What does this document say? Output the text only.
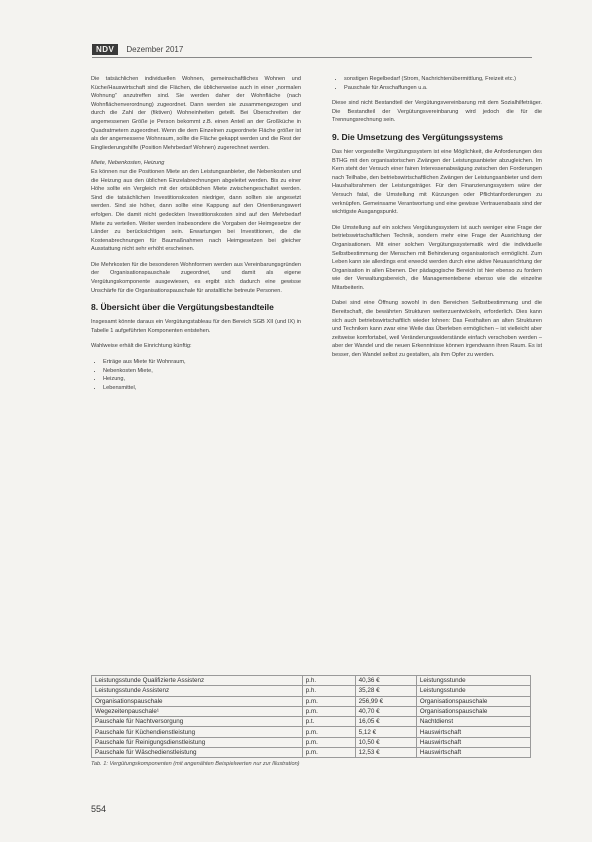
NDV	Dezember 2017

Die tatsächlichen individuellen Wohnen, gemeinschaftliches Wohnen und Küche/Hauswirtschaft sind die Flächen, die üblicherweise auch in einer „normalen Wohnung“ anzutreffen sind. Sie werden daher der Wohnfläche (nach Wohnflächenverordnung) zugeordnet. Dann werden sie zusammengezogen und durch die Zahl der (fiktiven) Wohneinheiten geteilt. Bei Überschreiten der angemessenen Größe je Person bekommt z.B. einen Anteil an der Großküche in Quadratmetern zugeordnet. Wenn die dem Einzelnen zugeordnete Fläche größer ist als der angemessene Wohnraum, sollte die Fläche gekappt werden und die Rest der Eingliederungshilfe (Position Mehrbedarf Wohnen) zugerechnet werden.

Miete, Nebenkosten, Heizung

Es können nur die Positionen Miete an den Leistungsanbieter, die Nebenkosten und die Heizung aus den üblichen Einzelabrechnungen abgeleitet werden. Bis zu einer Höhe sollte ein Vergleich mit der ortsüblichen Miete zwischengeschaltet werden. Sind die tatsächlichen Investitionskosten niedriger, dann sollten sie angesetzt werden. Sind sie höher, dann sollte eine Kappung auf den Orientierungswert erfolgen. Die damit nicht gedeckten Investitionskosten sind auf den Mehrbedarf Miete zu verteilen. Weiter werden insbesondere die Vorgaben der Heimgesetze der Länder zu berücksichtigen sein. Erwartungen bei Investitionen, die die Kostenabrechnungen für Baumaßnahmen nach Heimgesetzen bei gleicher Ausstattung nicht sehr erhöht erscheinen.

Die Mehrkosten für die besonderen Wohnformen werden aus Vereinbarungsgründen der Organisationspauschale zugeordnet, und damit als eigene Vergütungskomponente ausgewiesen, es ergibt sich dadurch eine gewisse Unschärfe für die Organisationspauschale für anstaltliche betreute Personen.

8. Übersicht über die Vergütungsbestandteile

Insgesamt könnte daraus ein Vergütungstableau für den Bereich SGB XII (und IX) in Tabelle 1 aufgeführten Komponenten entstehen.

Wahlweise erhält die Einrichtung künftig:

• Erträge aus Miete für Wohnraum,
• Nebenkosten Miete,
• Heizung,
• Lebensmittel,
• sonstigen Regelbedarf (Strom, Nachrichtenübermittlung, Freizeit etc.)
• Pauschale für Anschaffungen u.a.

Diese sind nicht Bestandteil der Vergütungsvereinbarung mit dem Sozialhilfeträger. Die Bestandteil der Vergütungsvereinbarung wird jedoch die für die Trennungsrechnung sein.

9. Die Umsetzung des Vergütungssystems

Das hier vorgestellte Vergütungssystem ist eine Möglichkeit, die Anforderungen des BTHG mit den organisatorischen Zwängen der Leistungsanbieter abzugleichen. Im Kern steht der Versuch einer fairen Interessenabwägung zwischen den Forderungen nach Teilhabe, den betriebswirtschaftlichen Zwängen der Leistungsanbieter und dem Haushaltsrahmen der Leistungsträger. Für den Finanzierungssystem wäre der Versuch fatal, die Umstellung mit Kürzungen oder Pflichtanforderungen zu verknüpfen. Gemeinsame Verantwortung und eine gewisse Vertrauensbasis sind der wichtigste Ausgangspunkt.

Die Umstellung auf ein solches Vergütungssystem ist auch weniger eine Frage der betriebswirtschaftlichen Technik, sondern mehr eine Frage der Ausrichtung der Organisationen. Mit einer solchen Vergütungssystematik wird die individuelle Selbstbestimmung der Menschen mit Behinderung organisatorisch ermöglicht. Zum Leben kann sie allerdings erst erweckt werden durch eine aktive Neuausrichtung der Organisation in allen Ebenen. Der pädagogische Bereich ist hier ebenso zu fordern wie der Verwaltungsbereich, die Managementebene ebenso wie die einzelne Mitarbeiterin.

Dabei sind eine Öffnung sowohl in den Bereichen Selbstbestimmung und die Bereitschaft, die bewährten Strukturen weiterzuentwickeln, erforderlich. Dies kann sich auch betriebswirtschaftlich wieder lohnen: Das Festhalten an alten Strukturen und Techniken kann zwar eine Weile das Überleben ermöglichen – ist vielleicht aber zeitweise komfortabel, weil Veränderungswiderstände einfach verschoben werden – aber der Wandel und die neuen Erkenntnisse können irgendwann ihren Raum. Es ist besser, den Wandel selbst zu gestalten, als ihm Opfer zu werden.

Leistungsstunde Qualifizierte Assistenz	p.h.	40,36 €	Leistungsstunde
Leistungsstunde Assistenz	p.h.	35,28 €	Leistungsstunde
Organisationspauschale	p.m.	256,99 €	Organisationspauschale
Wegezeitenpauschale¹	p.m.	40,70 €	Organisationspauschale
Pauschale für Nachtversorgung	p.t.	16,05 €	Nachtdienst
Pauschale für Küchendienstleistung	p.m.	5,12 €	Hauswirtschaft
Pauschale für Reinigungsdienstleistung	p.m.	10,50 €	Hauswirtschaft
Pauschale für Wäschedienstleistung	p.m.	12,53 €	Hauswirtschaft
Tab. 1: Vergütungskomponenten (mit angenähten Beispielwerten nur zur Illustration)
554
